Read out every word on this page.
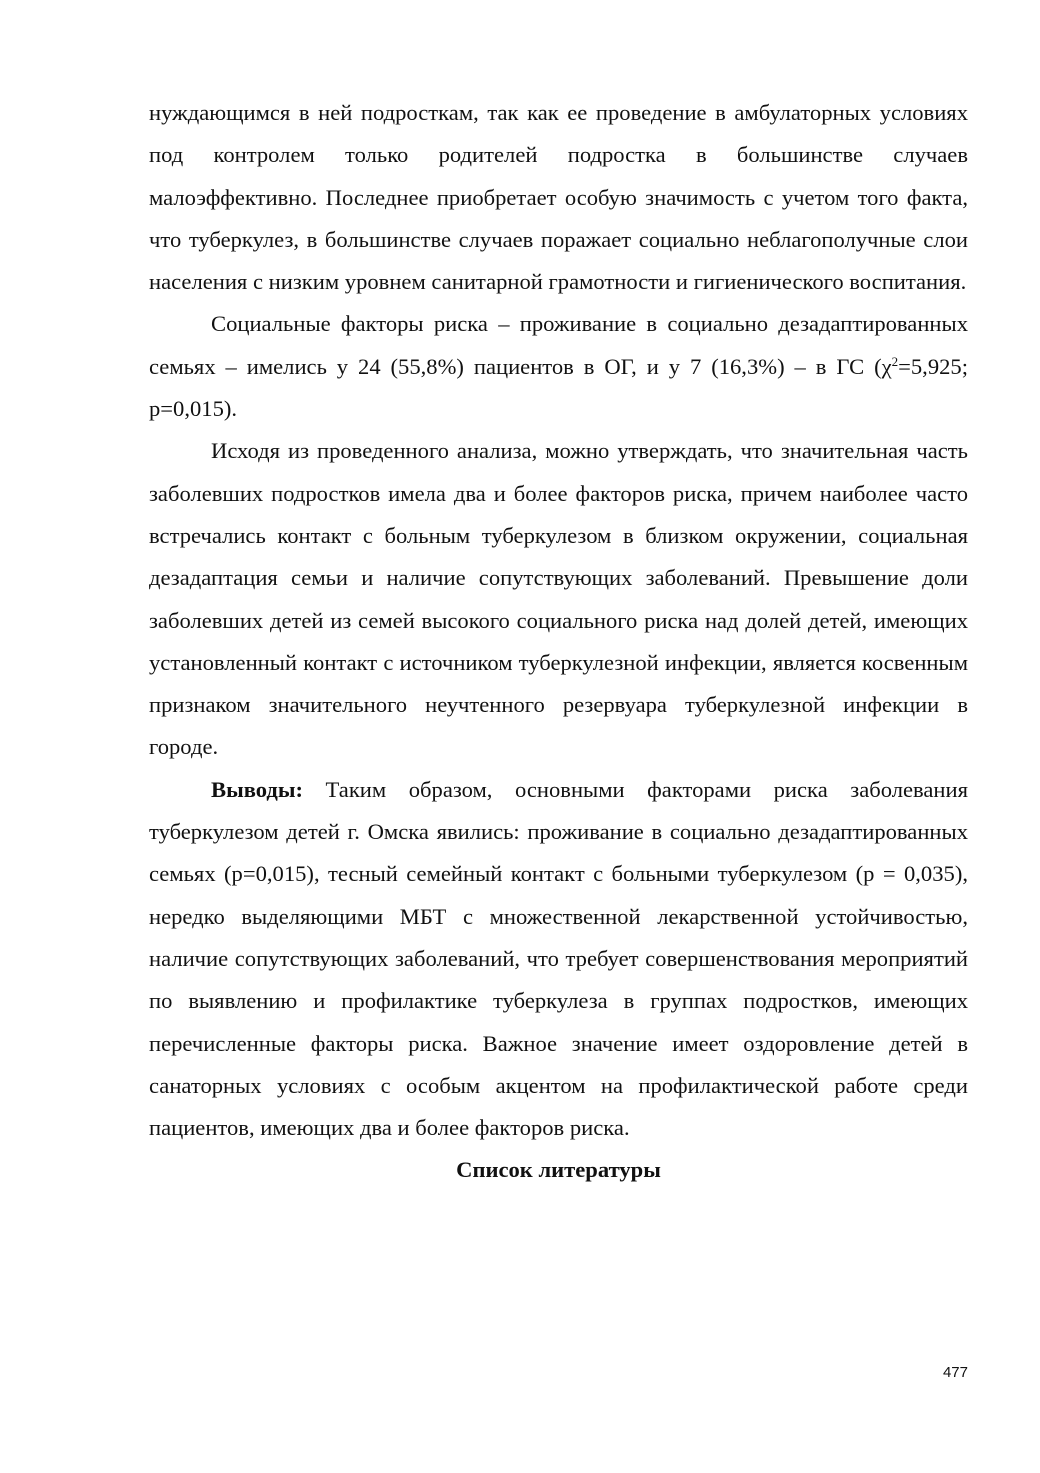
нуждающимся в ней подросткам, так как ее проведение в амбулаторных условиях под контролем только родителей подростка в большинстве случаев малоэффективно. Последнее приобретает особую значимость с учетом того факта, что туберкулез, в большинстве случаев поражает социально неблагополучные слои населения с низким уровнем санитарной грамотности и гигиенического воспитания.

Социальные факторы риска – проживание в социально дезадаптированных семьях – имелись у 24 (55,8%) пациентов в ОГ, и у 7 (16,3%) – в ГС ($\chi^2=5,925$; p=0,015).

Исходя из проведенного анализа, можно утверждать, что значительная часть заболевших подростков имела два и более факторов риска, причем наиболее часто встречались контакт с больным туберкулезом в близком окружении, социальная дезадаптация семьи и наличие сопутствующих заболеваний. Превышение доли заболевших детей из семей высокого социального риска над долей детей, имеющих установленный контакт с источником туберкулезной инфекции, является косвенным признаком значительного неучтенного резервуара туберкулезной инфекции в городе.

Выводы: Таким образом, основными факторами риска заболевания туберкулезом детей г. Омска явились: проживание в социально дезадаптированных семьях (p=0,015), тесный семейный контакт с больными туберкулезом (p = 0,035), нередко выделяющими МБТ с множественной лекарственной устойчивостью, наличие сопутствующих заболеваний, что требует совершенствования мероприятий по выявлению и профилактике туберкулеза в группах подростков, имеющих перечисленные факторы риска. Важное значение имеет оздоровление детей в санаторных условиях с особым акцентом на профилактической работе среди пациентов, имеющих два и более факторов риска.

Список литературы

477
